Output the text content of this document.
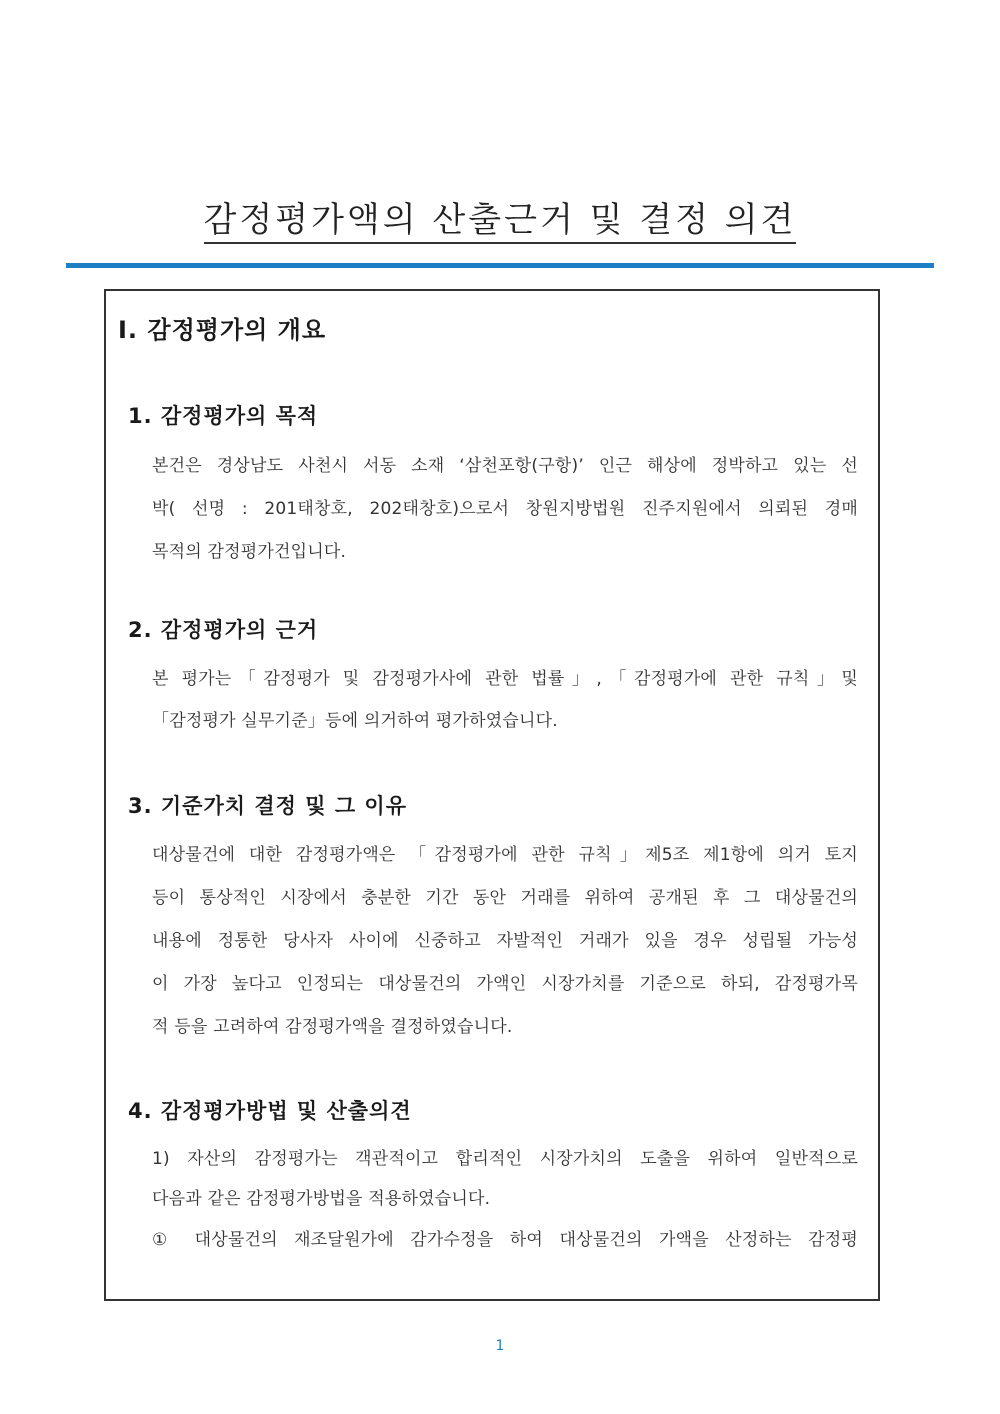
감정평가액의 산출근거 및 결정 의견
Ⅰ. 감정평가의 개요
1. 감정평가의 목적
본건은 경상남도 사천시 서동 소재 ‘삼천포항(구항)’ 인근 해상에 정박하고 있는 선
박( 선명 : 201태창호, 202태창호)으로서 창원지방법원 진주지원에서 의뢰된 경매
목적의 감정평가건입니다.
2. 감정평가의 근거
본 평가는「감정평가 및 감정평가사에 관한 법률」,「감정평가에 관한 규칙」및
「감정평가 실무기준」등에 의거하여 평가하였습니다.
3. 기준가치 결정 및 그 이유
대상물건에 대한 감정평가액은 「감정평가에 관한 규칙」제5조 제1항에 의거 토지
등이 통상적인 시장에서 충분한 기간 동안 거래를 위하여 공개된 후 그 대상물건의
내용에 정통한 당사자 사이에 신중하고 자발적인 거래가 있을 경우 성립될 가능성
이 가장 높다고 인정되는 대상물건의 가액인 시장가치를 기준으로 하되, 감정평가목
적 등을 고려하여 감정평가액을 결정하였습니다.
4. 감정평가방법 및 산출의견
1) 자산의 감정평가는 객관적이고 합리적인 시장가치의 도출을 위하여 일반적으로
다음과 같은 감정평가방법을 적용하였습니다.
① 대상물건의 재조달원가에 감가수정을 하여 대상물건의 가액을 산정하는 감정평
1
